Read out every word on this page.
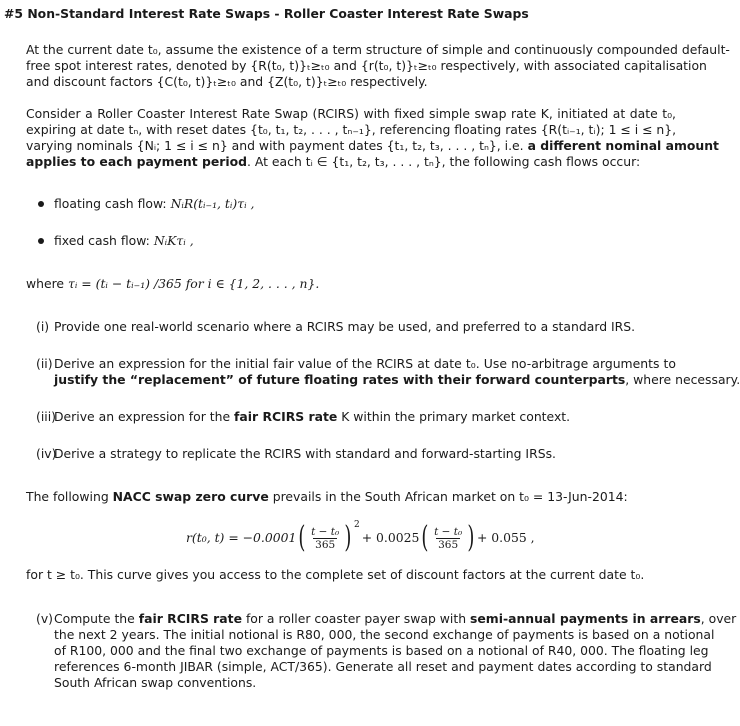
#5 Non-Standard Interest Rate Swaps - Roller Coaster Interest Rate Swaps
At the current date t₀, assume the existence of a term structure of simple and continuously compounded default-
free spot interest rates, denoted by {R(t₀, t)}ₜ≥ₜ₀ and {r(t₀, t)}ₜ≥ₜ₀ respectively, with associated capitalisation
and discount factors {C(t₀, t)}ₜ≥ₜ₀ and {Z(t₀, t)}ₜ≥ₜ₀ respectively.
Consider a Roller Coaster Interest Rate Swap (RCIRS) with fixed simple swap rate K, initiated at date t₀,
expiring at date tₙ, with reset dates {t₀, t₁, t₂, . . . , tₙ₋₁}, referencing floating rates {R(tᵢ₋₁, tᵢ); 1 ≤ i ≤ n},
varying nominals {Nᵢ; 1 ≤ i ≤ n} and with payment dates {t₁, t₂, t₃, . . . , tₙ}, i.e. a different nominal amount
applies to each payment period. At each tᵢ ∈ {t₁, t₂, t₃, . . . , tₙ}, the following cash flows occur:
floating cash flow: NᵢR(tᵢ₋₁, tᵢ)τᵢ ,
fixed cash flow: NᵢKτᵢ ,
where τᵢ = (tᵢ − tᵢ₋₁) /365 for i ∈ {1, 2, . . . , n}.
(i) Provide one real-world scenario where a RCIRS may be used, and preferred to a standard IRS.
(ii)Derive an expression for the initial fair value of the RCIRS at date t₀. Use no-arbitrage arguments to
justify the “replacement” of future floating rates with their forward counterparts, where necessary.
(iii)Derive an expression for the fair RCIRS rate K within the primary market context.
(iv)Derive a strategy to replicate the RCIRS with standard and forward-starting IRSs.
The following NACC swap zero curve prevails in the South African market on t₀ = 13-Jun-2014:
r(t₀, t) = −0.0001 ( $\frac{\text{t − t₀}}{365}$ ) 2
+ 0.0025 ( $\frac{\text{t − t₀}}{365}$ ) + 0.055 ,
for t ≥ t₀. This curve gives you access to the complete set of discount factors at the current date t₀.
(v)Compute the fair RCIRS rate for a roller coaster payer swap with semi-annual payments in arrears, over
the next 2 years. The initial notional is R80, 000, the second exchange of payments is based on a notional
of R100, 000 and the final two exchange of payments is based on a notional of R40, 000. The floating leg
references 6-month JIBAR (simple, ACT/365). Generate all reset and payment dates according to standard
South African swap conventions.
